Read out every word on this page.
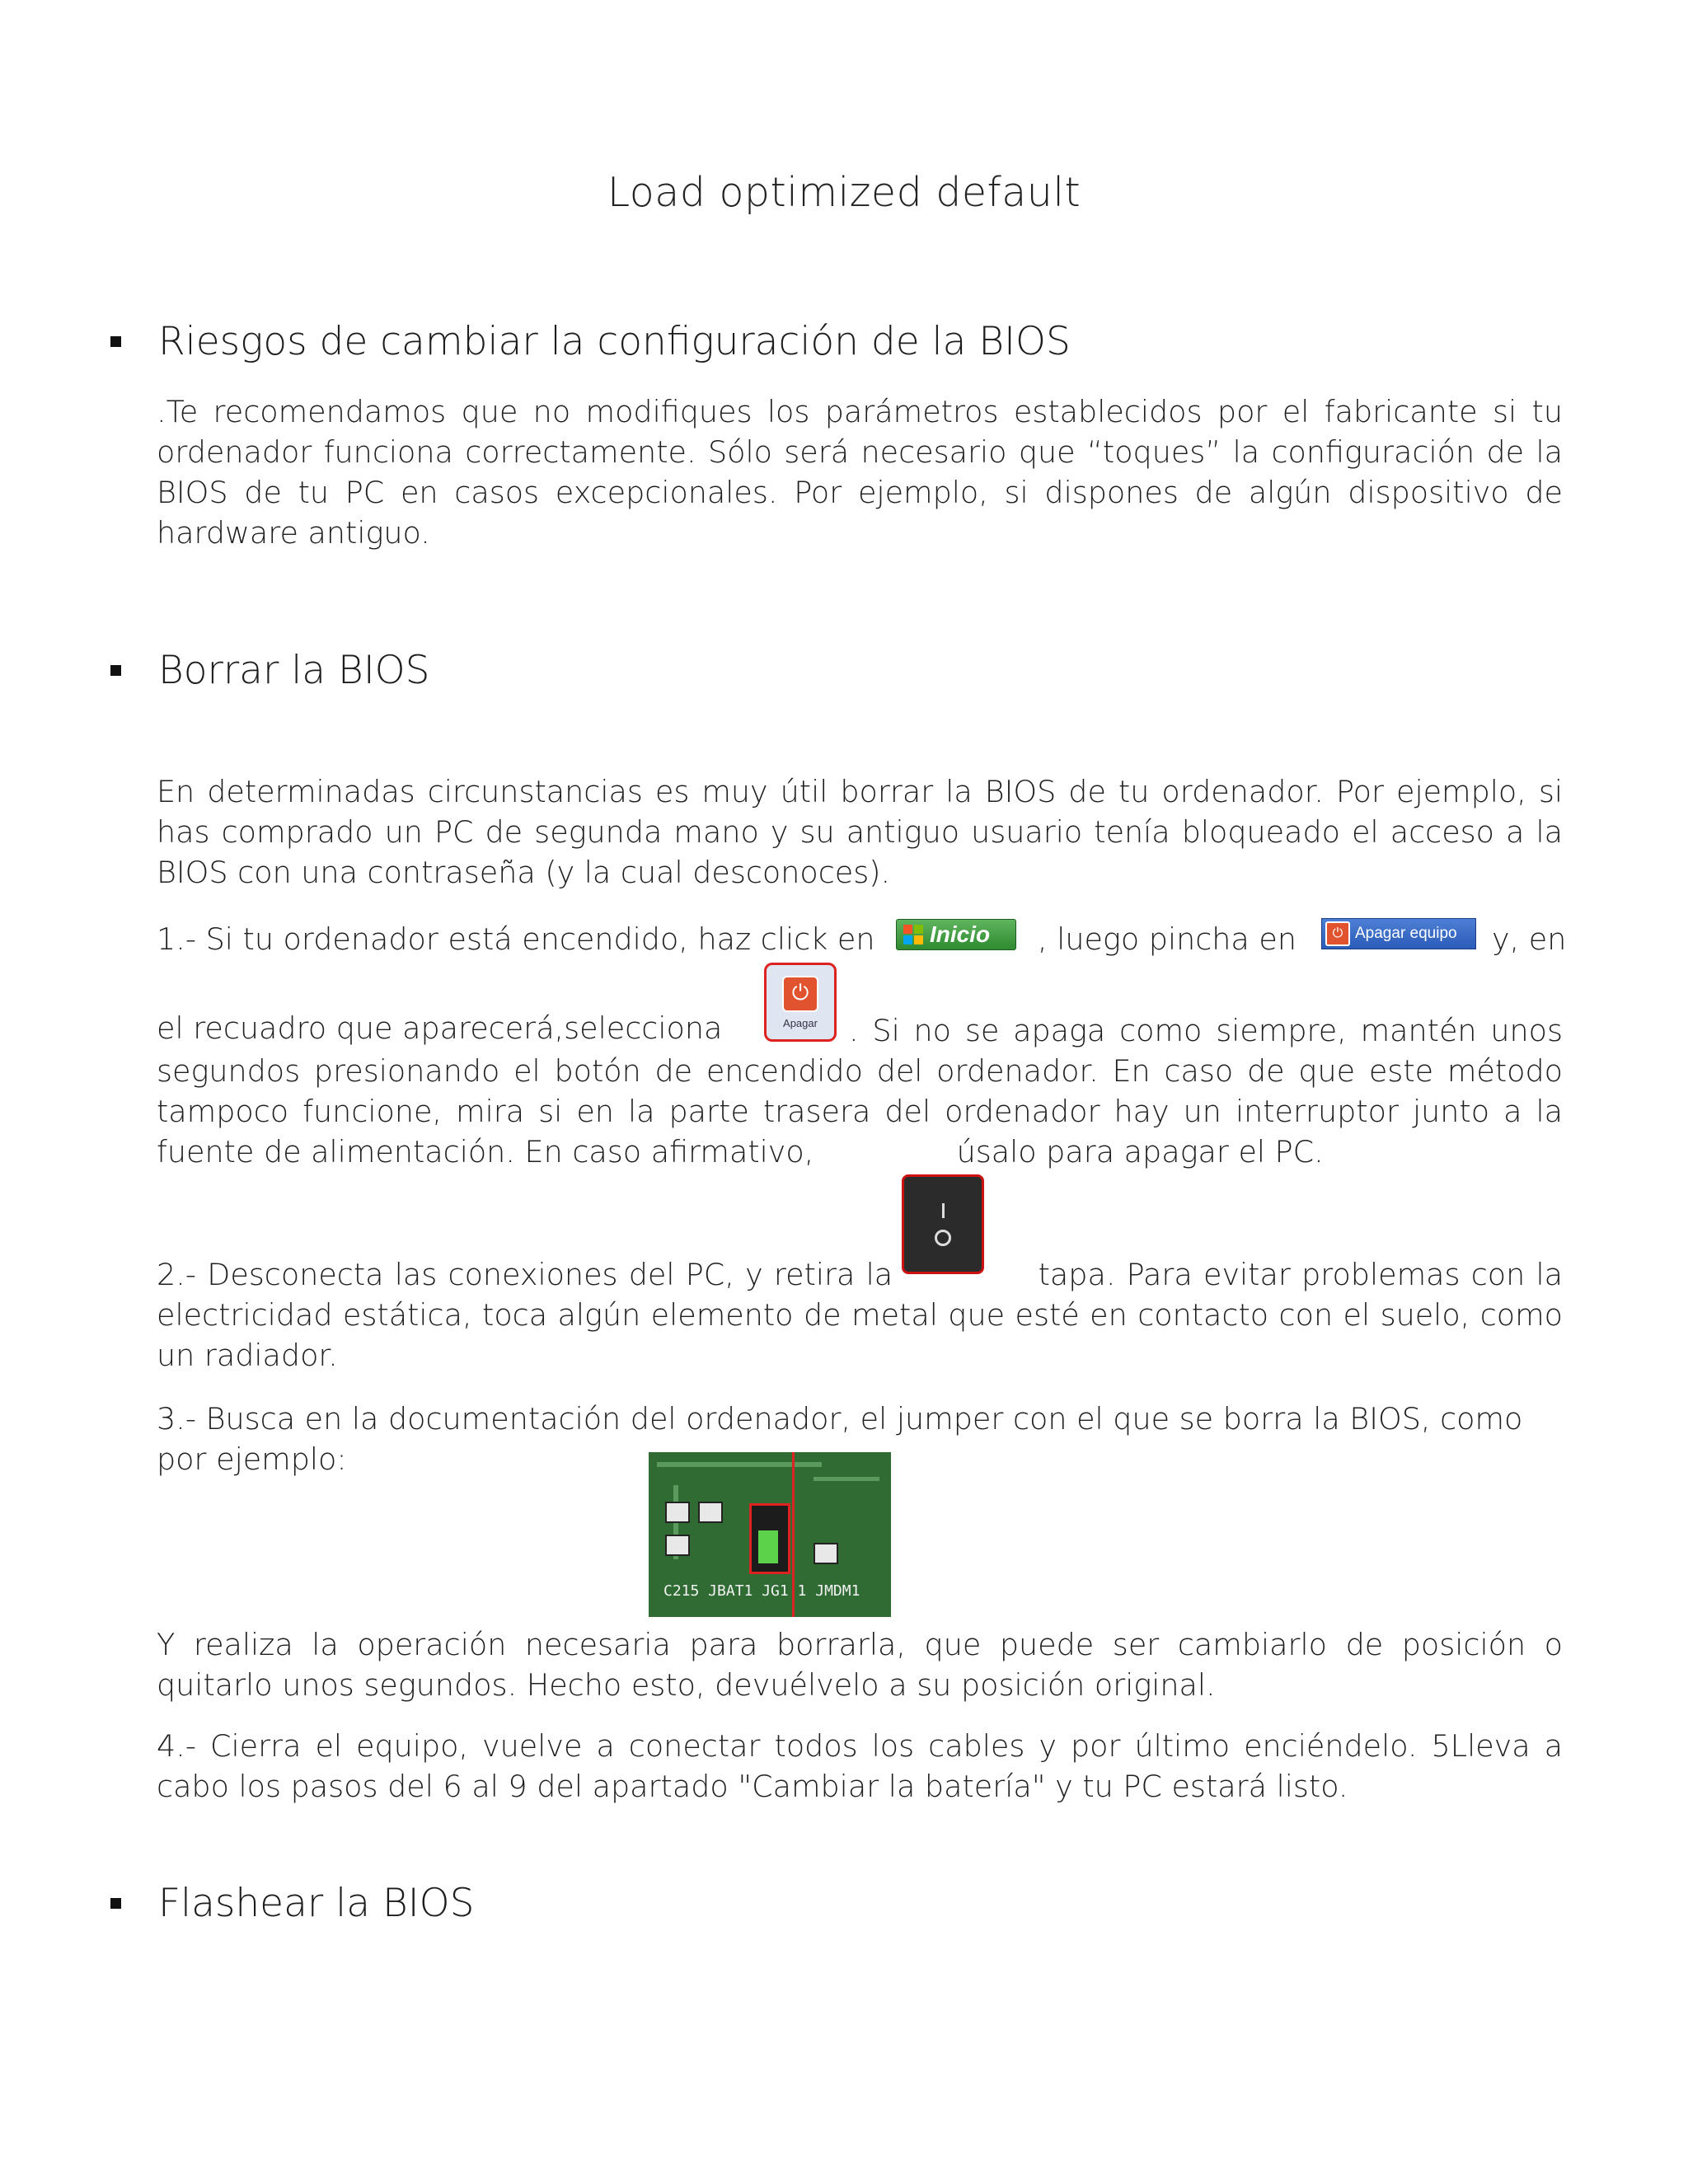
Load optimized default
Riesgos de cambiar la configuración de la BIOS
.Te recomendamos que no modifiques los parámetros establecidos por el fabricante si tu ordenador funciona correctamente. Sólo será necesario que “toques” la configuración de la BIOS de tu PC en casos excepcionales. Por ejemplo, si dispones de algún dispositivo de hardware antiguo.
Borrar la BIOS
En determinadas circunstancias es muy útil borrar la BIOS de tu ordenador. Por ejemplo, si has comprado un PC de segunda mano y su antiguo usuario tenía bloqueado el acceso a la BIOS con una contraseña (y la cual desconoces).
1.- Si tu ordenador está encendido, haz click en	Inicio , luego pincha en	⏻ Apagar equipo y, en
el recuadro que aparecerá,selecciona
⏻
Apagar	. Si no se apaga como siempre, mantén unos segundos presionando el botón de encendido del ordenador. En caso de que este método tampoco funcione, mira si en la parte trasera del ordenador hay un interruptor junto a la fuente de alimentación. En caso afirmativo,	úsalo para apagar el PC.
2.- Desconecta las conexiones del PC, y retira la	tapa. Para evitar problemas con la electricidad estática, toca algún elemento de metal que esté en contacto con el suelo, como un radiador.
3.- Busca en la documentación del ordenador, el jumper con el que se borra la BIOS, como por ejemplo:
C215 JBAT1 JG1 1 JMDM1
Y realiza la operación necesaria para borrarla, que puede ser cambiarlo de posición o quitarlo unos segundos. Hecho esto, devuélvelo a su posición original.
4.- Cierra el equipo, vuelve a conectar todos los cables y por último enciéndelo. 5Lleva a cabo los pasos del 6 al 9 del apartado "Cambiar la batería" y tu PC estará listo.
Flashear la BIOS
